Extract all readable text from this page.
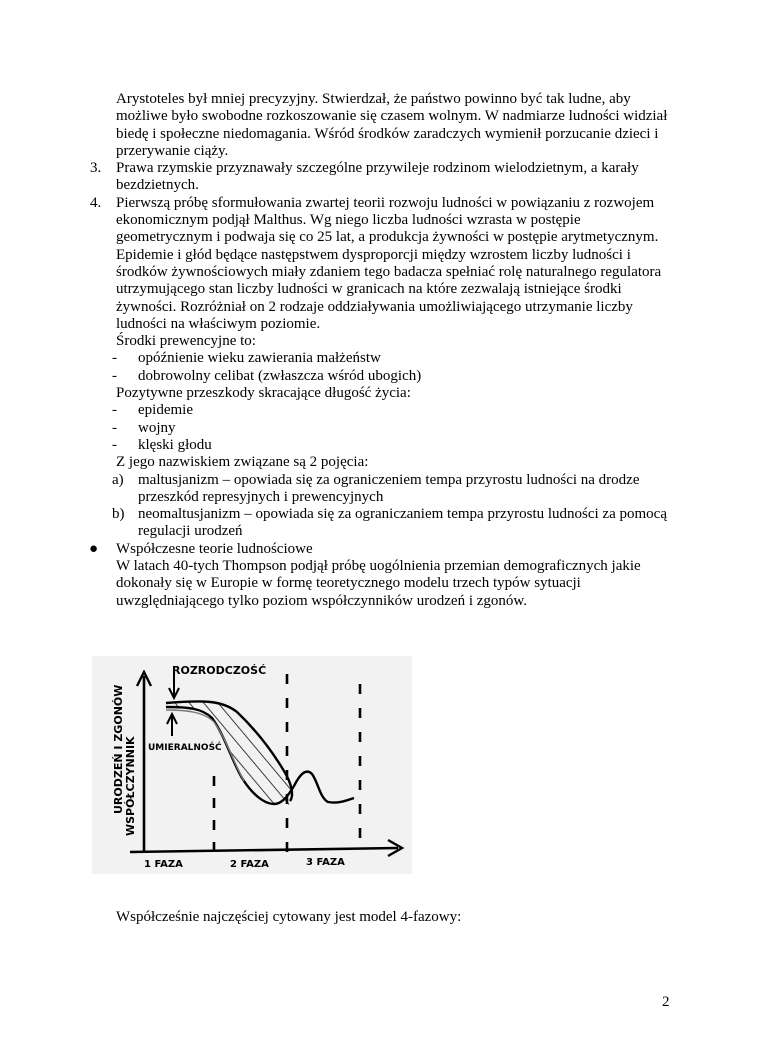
Arystoteles był mniej precyzyjny. Stwierdzał, że państwo powinno być tak ludne, aby możliwe było swobodne rozkoszowanie się czasem wolnym. W nadmiarze ludności widział biedę i społeczne niedomagania. Wśród środków zaradczych wymienił porzucanie dzieci i przerywanie ciąży.

3. Prawa rzymskie przyznawały szczególne przywileje rodzinom wielodzietnym, a karały bezdzietnych.

4. Pierwszą próbę sformułowania zwartej teorii rozwoju ludności w powiązaniu z rozwojem ekonomicznym podjął Malthus. Wg niego liczba ludności wzrasta w postępie geometrycznym i podwaja się co 25 lat, a produkcja żywności w postępie arytmetycznym. Epidemie i głód będące następstwem dysproporcji między wzrostem liczby ludności i środków żywnościowych miały zdaniem tego badacza spełniać rolę naturalnego regulatora utrzymującego stan liczby ludności w granicach na które zezwalają istniejące środki żywności. Rozróżniał on 2 rodzaje oddziaływania umożliwiającego utrzymanie liczby ludności na właściwym poziomie.

Środki prewencyjne to:

- opóźnienie wieku zawierania małżeństw

- dobrowolny celibat (zwłaszcza wśród ubogich)

Pozytywne przeszkody skracające długość życia:

- epidemie

- wojny

- klęski głodu

Z jego nazwiskiem związane są 2 pojęcia:

a) maltusjanizm – opowiada się za ograniczeniem tempa przyrostu ludności na drodze przeszkód represyjnych i prewencyjnych

b) neomaltusjanizm – opowiada się za ograniczaniem tempa przyrostu ludności za pomocą regulacji urodzeń

● Współczesne teorie ludnościowe

W latach 40-tych Thompson podjął próbę uogólnienia przemian demograficznych jakie dokonały się w Europie w formę teoretycznego modelu trzech typów sytuacji uwzględniającego tylko poziom współczynników urodzeń i zgonów.

ROZRODCZOŚĆ
UMIERALNOŚĆ
WSPÓŁCZYNNIK
URODZEŃ I ZGONÓW
1 FAZA	2 FAZA	3 FAZA
Współcześnie najczęściej cytowany jest model 4-fazowy:
2
